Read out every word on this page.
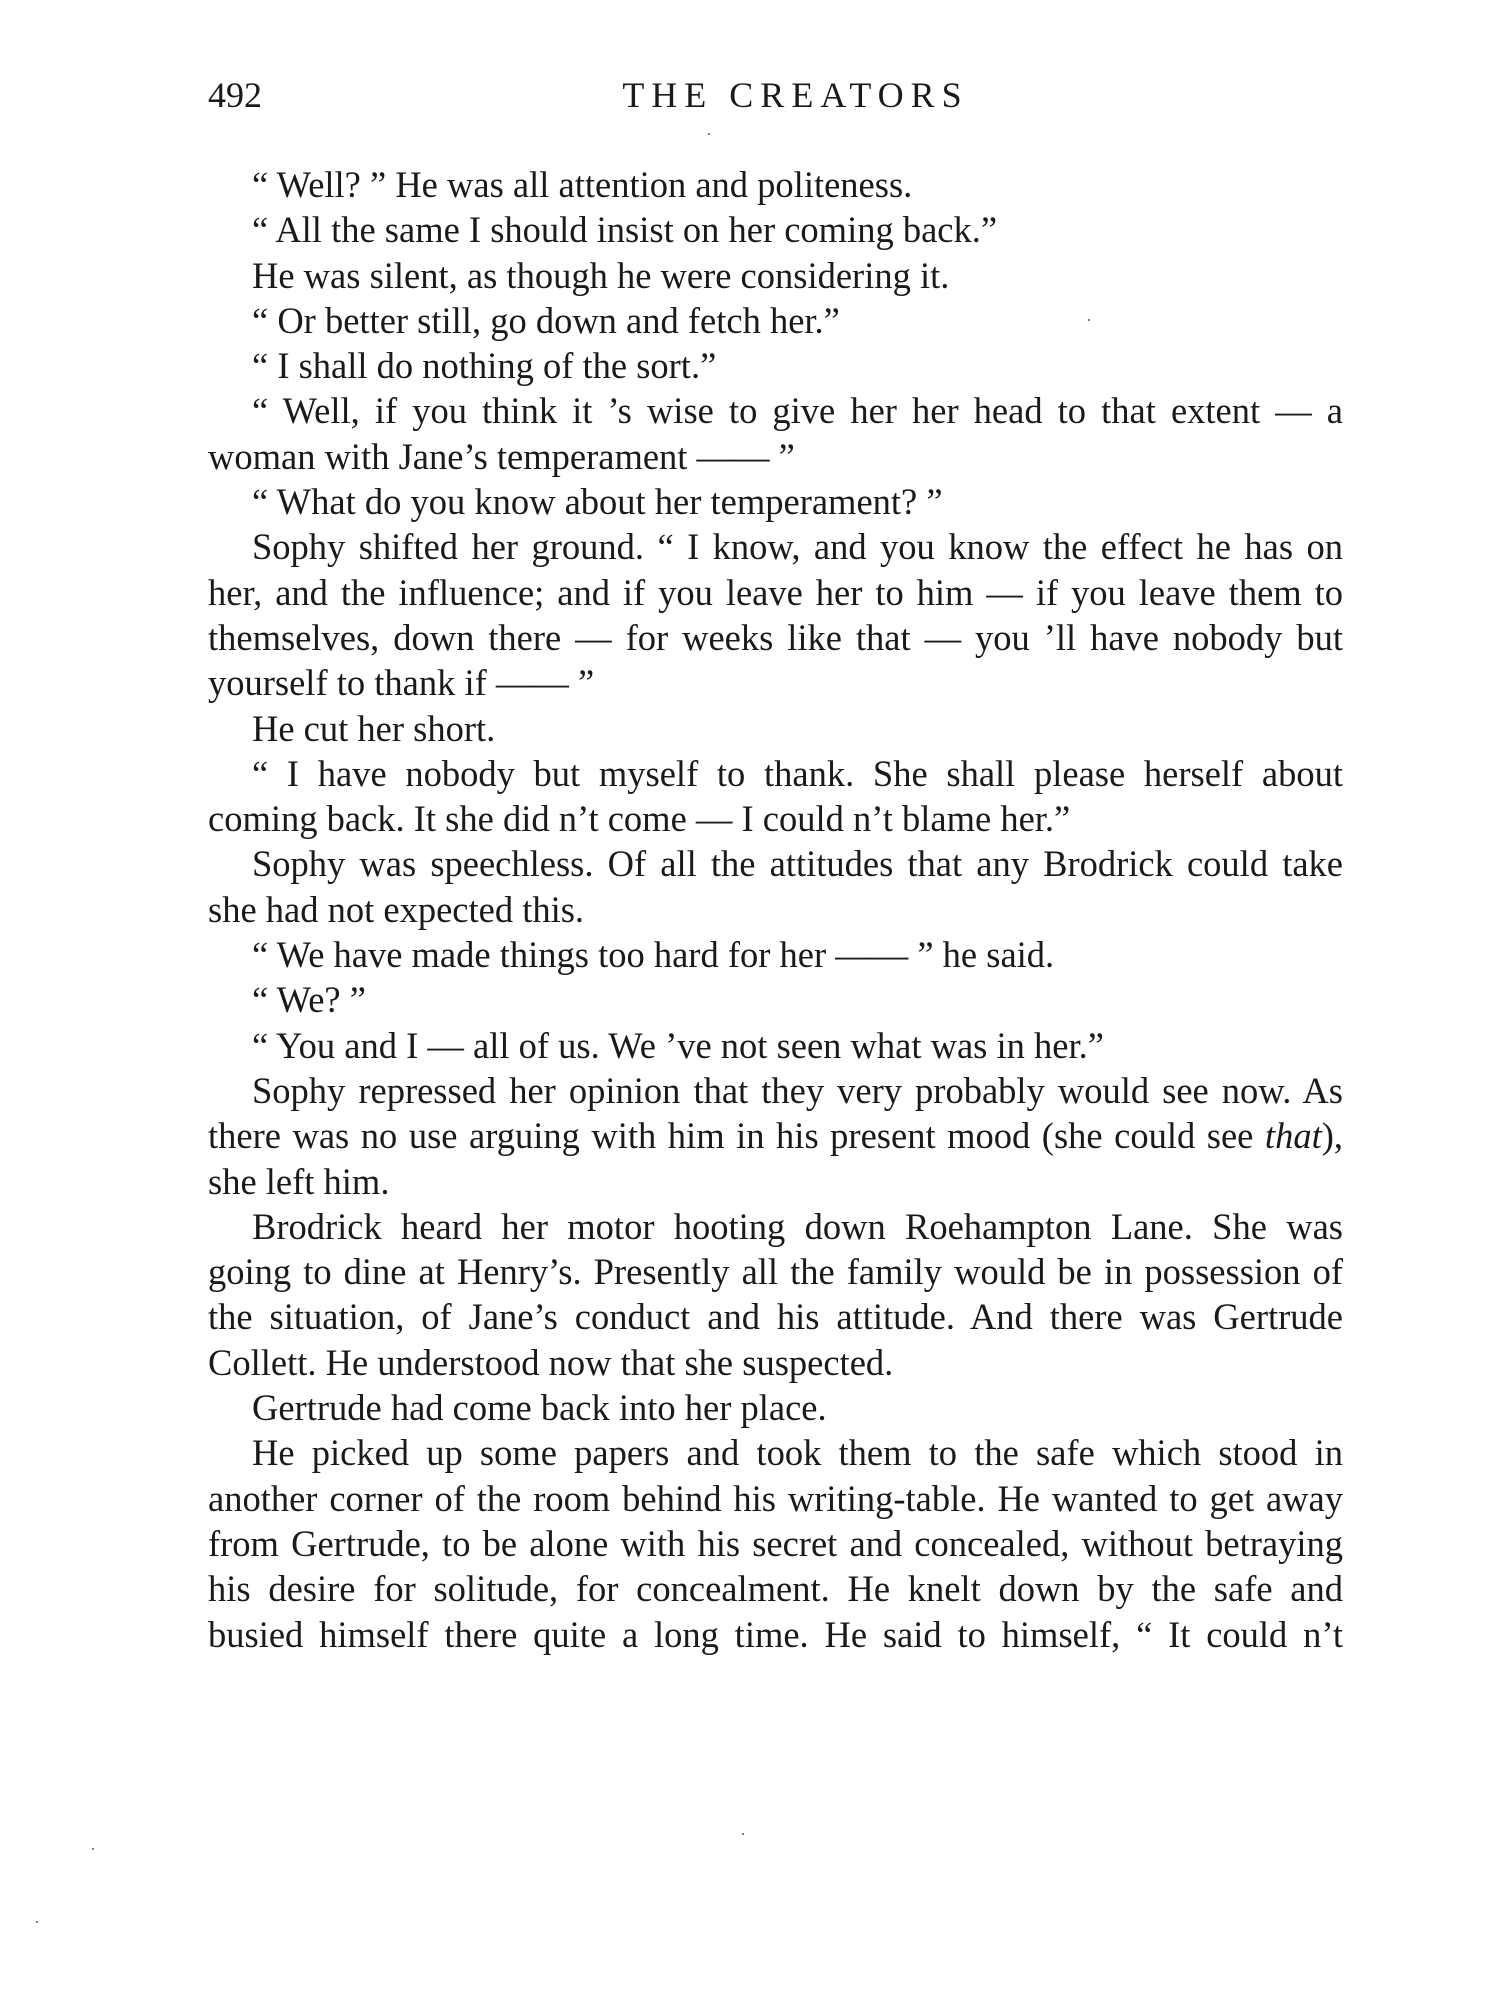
492	THE CREATORS

“ Well? ” He was all attention and politeness.

“ All the same I should insist on her coming back.”

He was silent, as though he were considering it.

“ Or better still, go down and fetch her.”

“ I shall do nothing of the sort.”

“ Well, if you think it ’s wise to give her her head to that extent — a woman with Jane’s temperament —— ”

“ What do you know about her temperament? ”

Sophy shifted her ground. “ I know, and you know the effect he has on her, and the influence; and if you leave her to him — if you leave them to themselves, down there — for weeks like that — you ’ll have nobody but yourself to thank if —— ”

He cut her short.

“ I have nobody but myself to thank. She shall please herself about coming back. It she did n’t come — I could n’t blame her.”

Sophy was speechless. Of all the attitudes that any Brodrick could take she had not expected this.

“ We have made things too hard for her —— ” he said.

“ We? ”

“ You and I — all of us. We ’ve not seen what was in her.”

Sophy repressed her opinion that they very probably would see now. As there was no use arguing with him in his present mood (she could see that), she left him.

Brodrick heard her motor hooting down Roehampton Lane. She was going to dine at Henry’s. Presently all the family would be in possession of the situation, of Jane’s conduct and his attitude. And there was Gertrude Collett. He understood now that she suspected.

Gertrude had come back into her place.

He picked up some papers and took them to the safe which stood in another corner of the room behind his writing-table. He wanted to get away from Gertrude, to be alone with his secret and concealed, without betraying his desire for solitude, for concealment. He knelt down by the safe and busied himself there quite a long time. He said to himself, “ It could n’t
